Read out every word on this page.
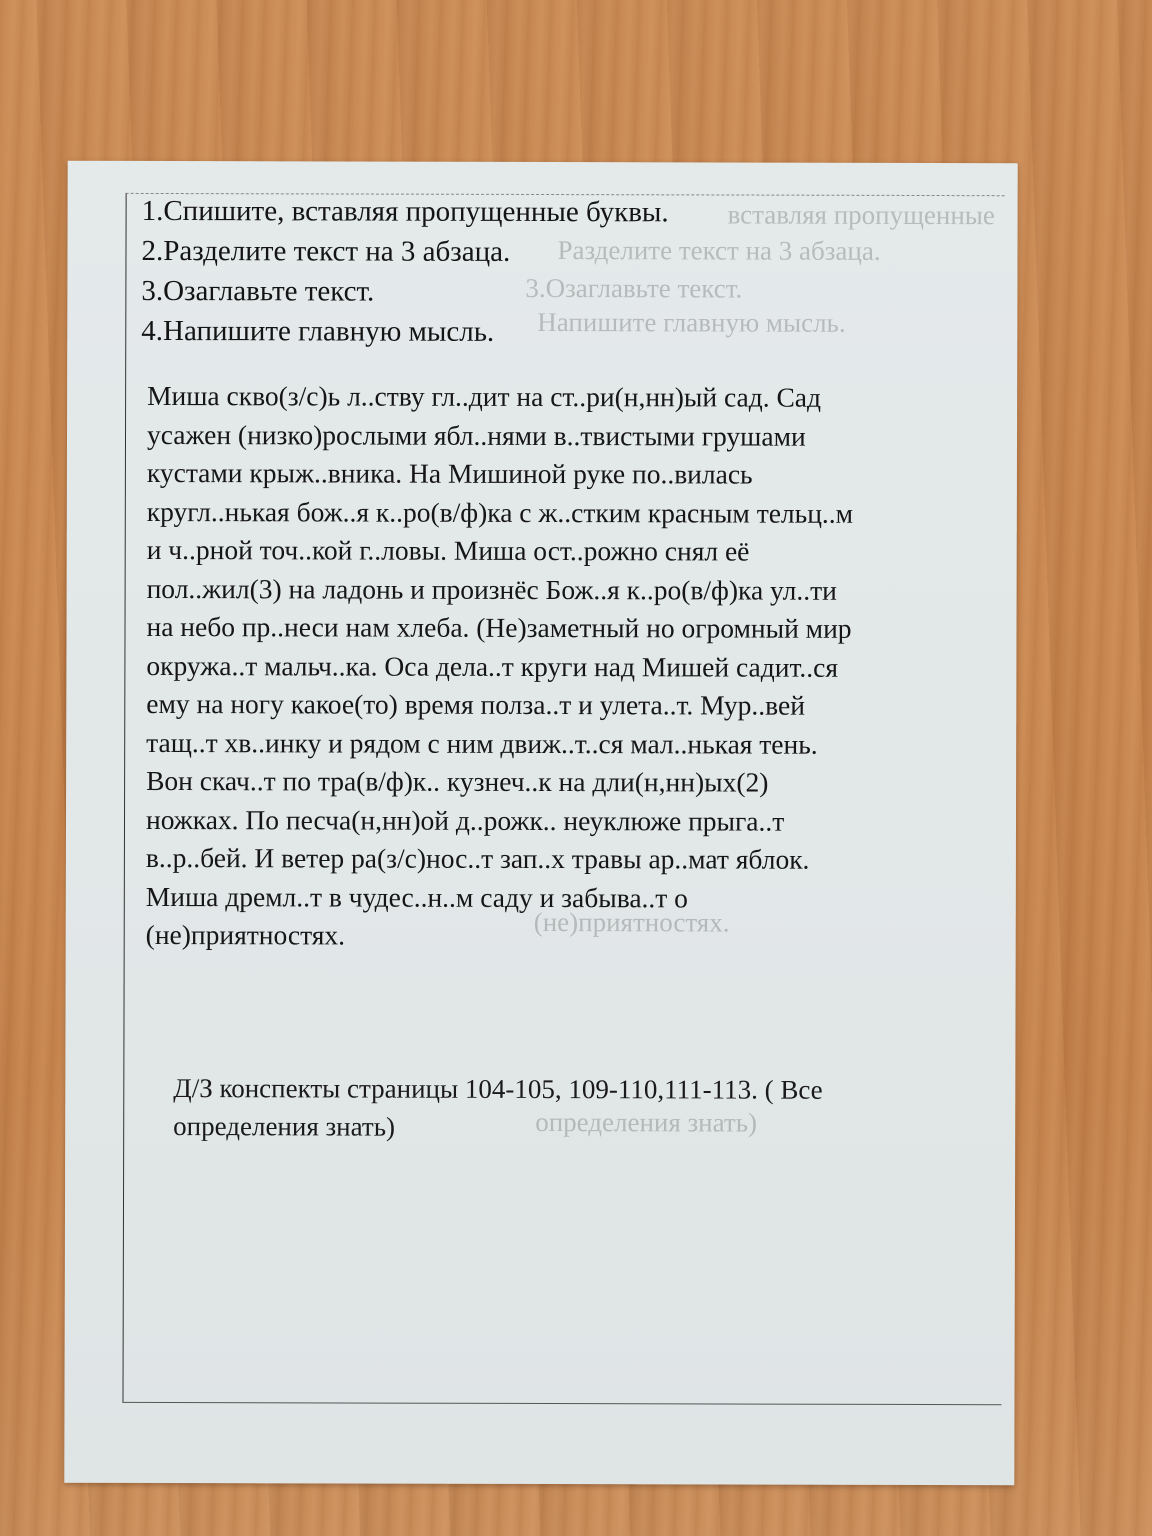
вставляя пропущенные
Разделите текст на 3 абзаца.
3.Озаглавьте текст.
Напишите главную мысль.
(не)приятностях.
определения знать)
1.Спишите, вставляя пропущенные буквы.
2.Разделите текст на 3 абзаца.
3.Озаглавьте текст.
4.Напишите главную мысль.
Миша скво(з/с)ь л..ству гл..дит на ст..ри(н,нн)ый сад. Сад
усажен (низко)рослыми ябл..нями в..твистыми грушами
кустами крыж..вника. На Мишиной руке по..вилась
кругл..нькая бож..я к..ро(в/ф)ка с ж..стким красным тельц..м
и ч..рной точ..кой г..ловы. Миша ост..рожно снял её
пол..жил(3) на ладонь и произнёс Бож..я к..ро(в/ф)ка ул..ти
на небо пр..неси нам хлеба. (Не)заметный но огромный мир
окружа..т мальч..ка. Оса дела..т круги над Мишей садит..ся
ему на ногу какое(то) время ползa..т и улета..т. Мур..вей
тащ..т хв..инку и рядом с ним движ..т..ся мал..нькая тень.
Вон скач..т по тра(в/ф)к.. кузнеч..к на дли(н,нн)ых(2)
ножках. По песча(н,нн)ой д..рожк.. неуклюже прыга..т
в..р..бей. И ветер ра(з/с)нос..т зап..х травы ар..мат яблок.
Миша дремл..т в чудес..н..м саду и забыва..т о
(не)приятностях.
Д/З конспекты страницы 104-105, 109-110,111-113. ( Все
определения знать)
